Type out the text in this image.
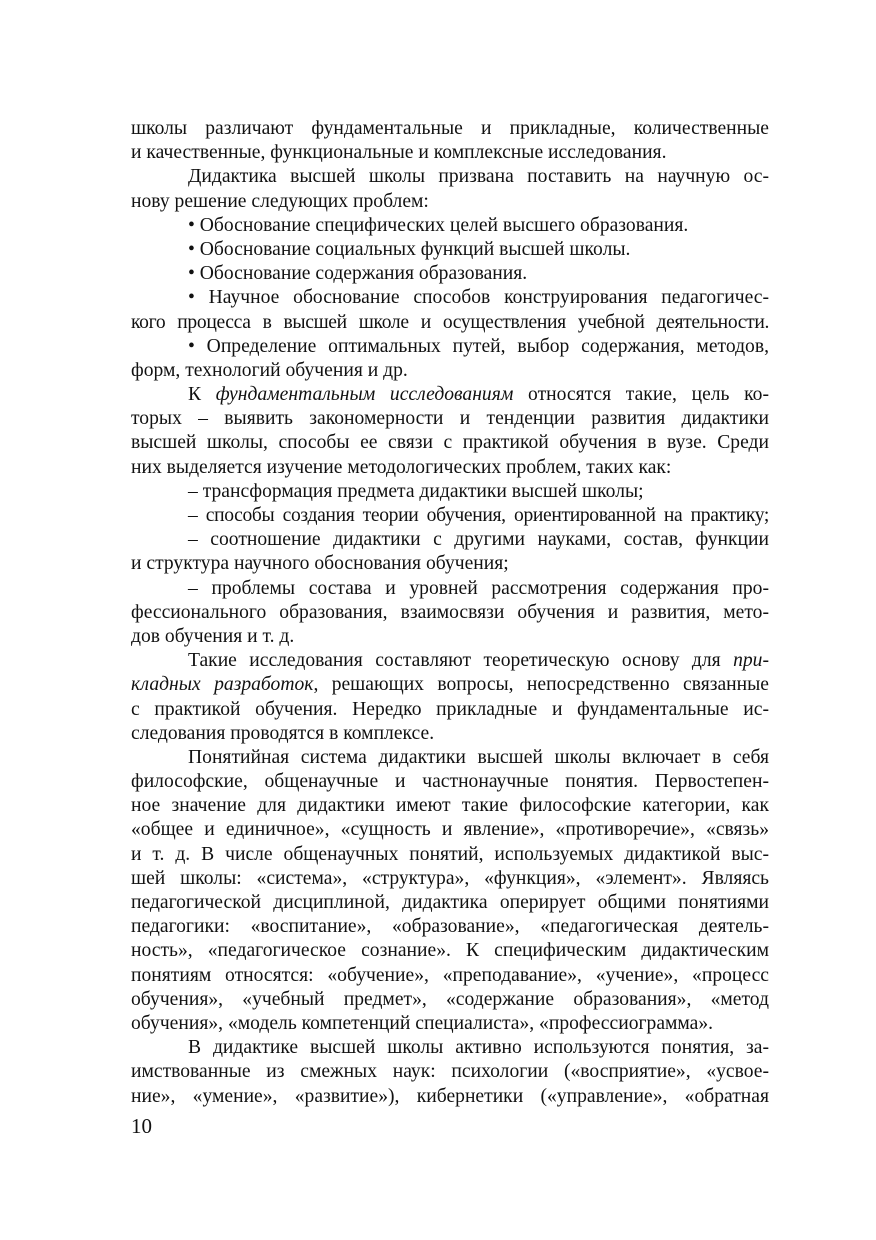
школы различают фундаментальные и прикладные, количественные
и качественные, функциональные и комплексные исследования.
Дидактика высшей школы призвана поставить на научную ос-
нову решение следующих проблем:
• Обоснование специфических целей высшего образования.
• Обоснование социальных функций высшей школы.
• Обоснование содержания образования.
• Научное обоснование способов конструирования педагогичес-
кого процесса в высшей школе и осуществления учебной деятельности.
• Определение оптимальных путей, выбор содержания, методов,
форм, технологий обучения и др.
К фундаментальным исследованиям относятся такие, цель ко-
торых – выявить закономерности и тенденции развития дидактики
высшей школы, способы ее связи с практикой обучения в вузе. Среди
них выделяется изучение методологических проблем, таких как:
– трансформация предмета дидактики высшей школы;
– способы создания теории обучения, ориентированной на практику;
– соотношение дидактики с другими науками, состав, функции
и структура научного обоснования обучения;
– проблемы состава и уровней рассмотрения содержания про-
фессионального образования, взаимосвязи обучения и развития, мето-
дов обучения и т. д.
Такие исследования составляют теоретическую основу для при-
кладных разработок, решающих вопросы, непосредственно связанные
с практикой обучения. Нередко прикладные и фундаментальные ис-
следования проводятся в комплексе.
Понятийная система дидактики высшей школы включает в себя
философские, общенаучные и частнонаучные понятия. Первостепен-
ное значение для дидактики имеют такие философские категории, как
«общее и единичное», «сущность и явление», «противоречие», «связь»
и т. д. В числе общенаучных понятий, используемых дидактикой выс-
шей школы: «система», «структура», «функция», «элемент». Являясь
педагогической дисциплиной, дидактика оперирует общими понятиями
педагогики: «воспитание», «образование», «педагогическая деятель-
ность», «педагогическое сознание». К специфическим дидактическим
понятиям относятся: «обучение», «преподавание», «учение», «процесс
обучения», «учебный предмет», «содержание образования», «метод
обучения», «модель компетенций специалиста», «профессиограмма».
В дидактике высшей школы активно используются понятия, за-
имствованные из смежных наук: психологии («восприятие», «усвое-
ние», «умение», «развитие»), кибернетики («управление», «обратная
10
